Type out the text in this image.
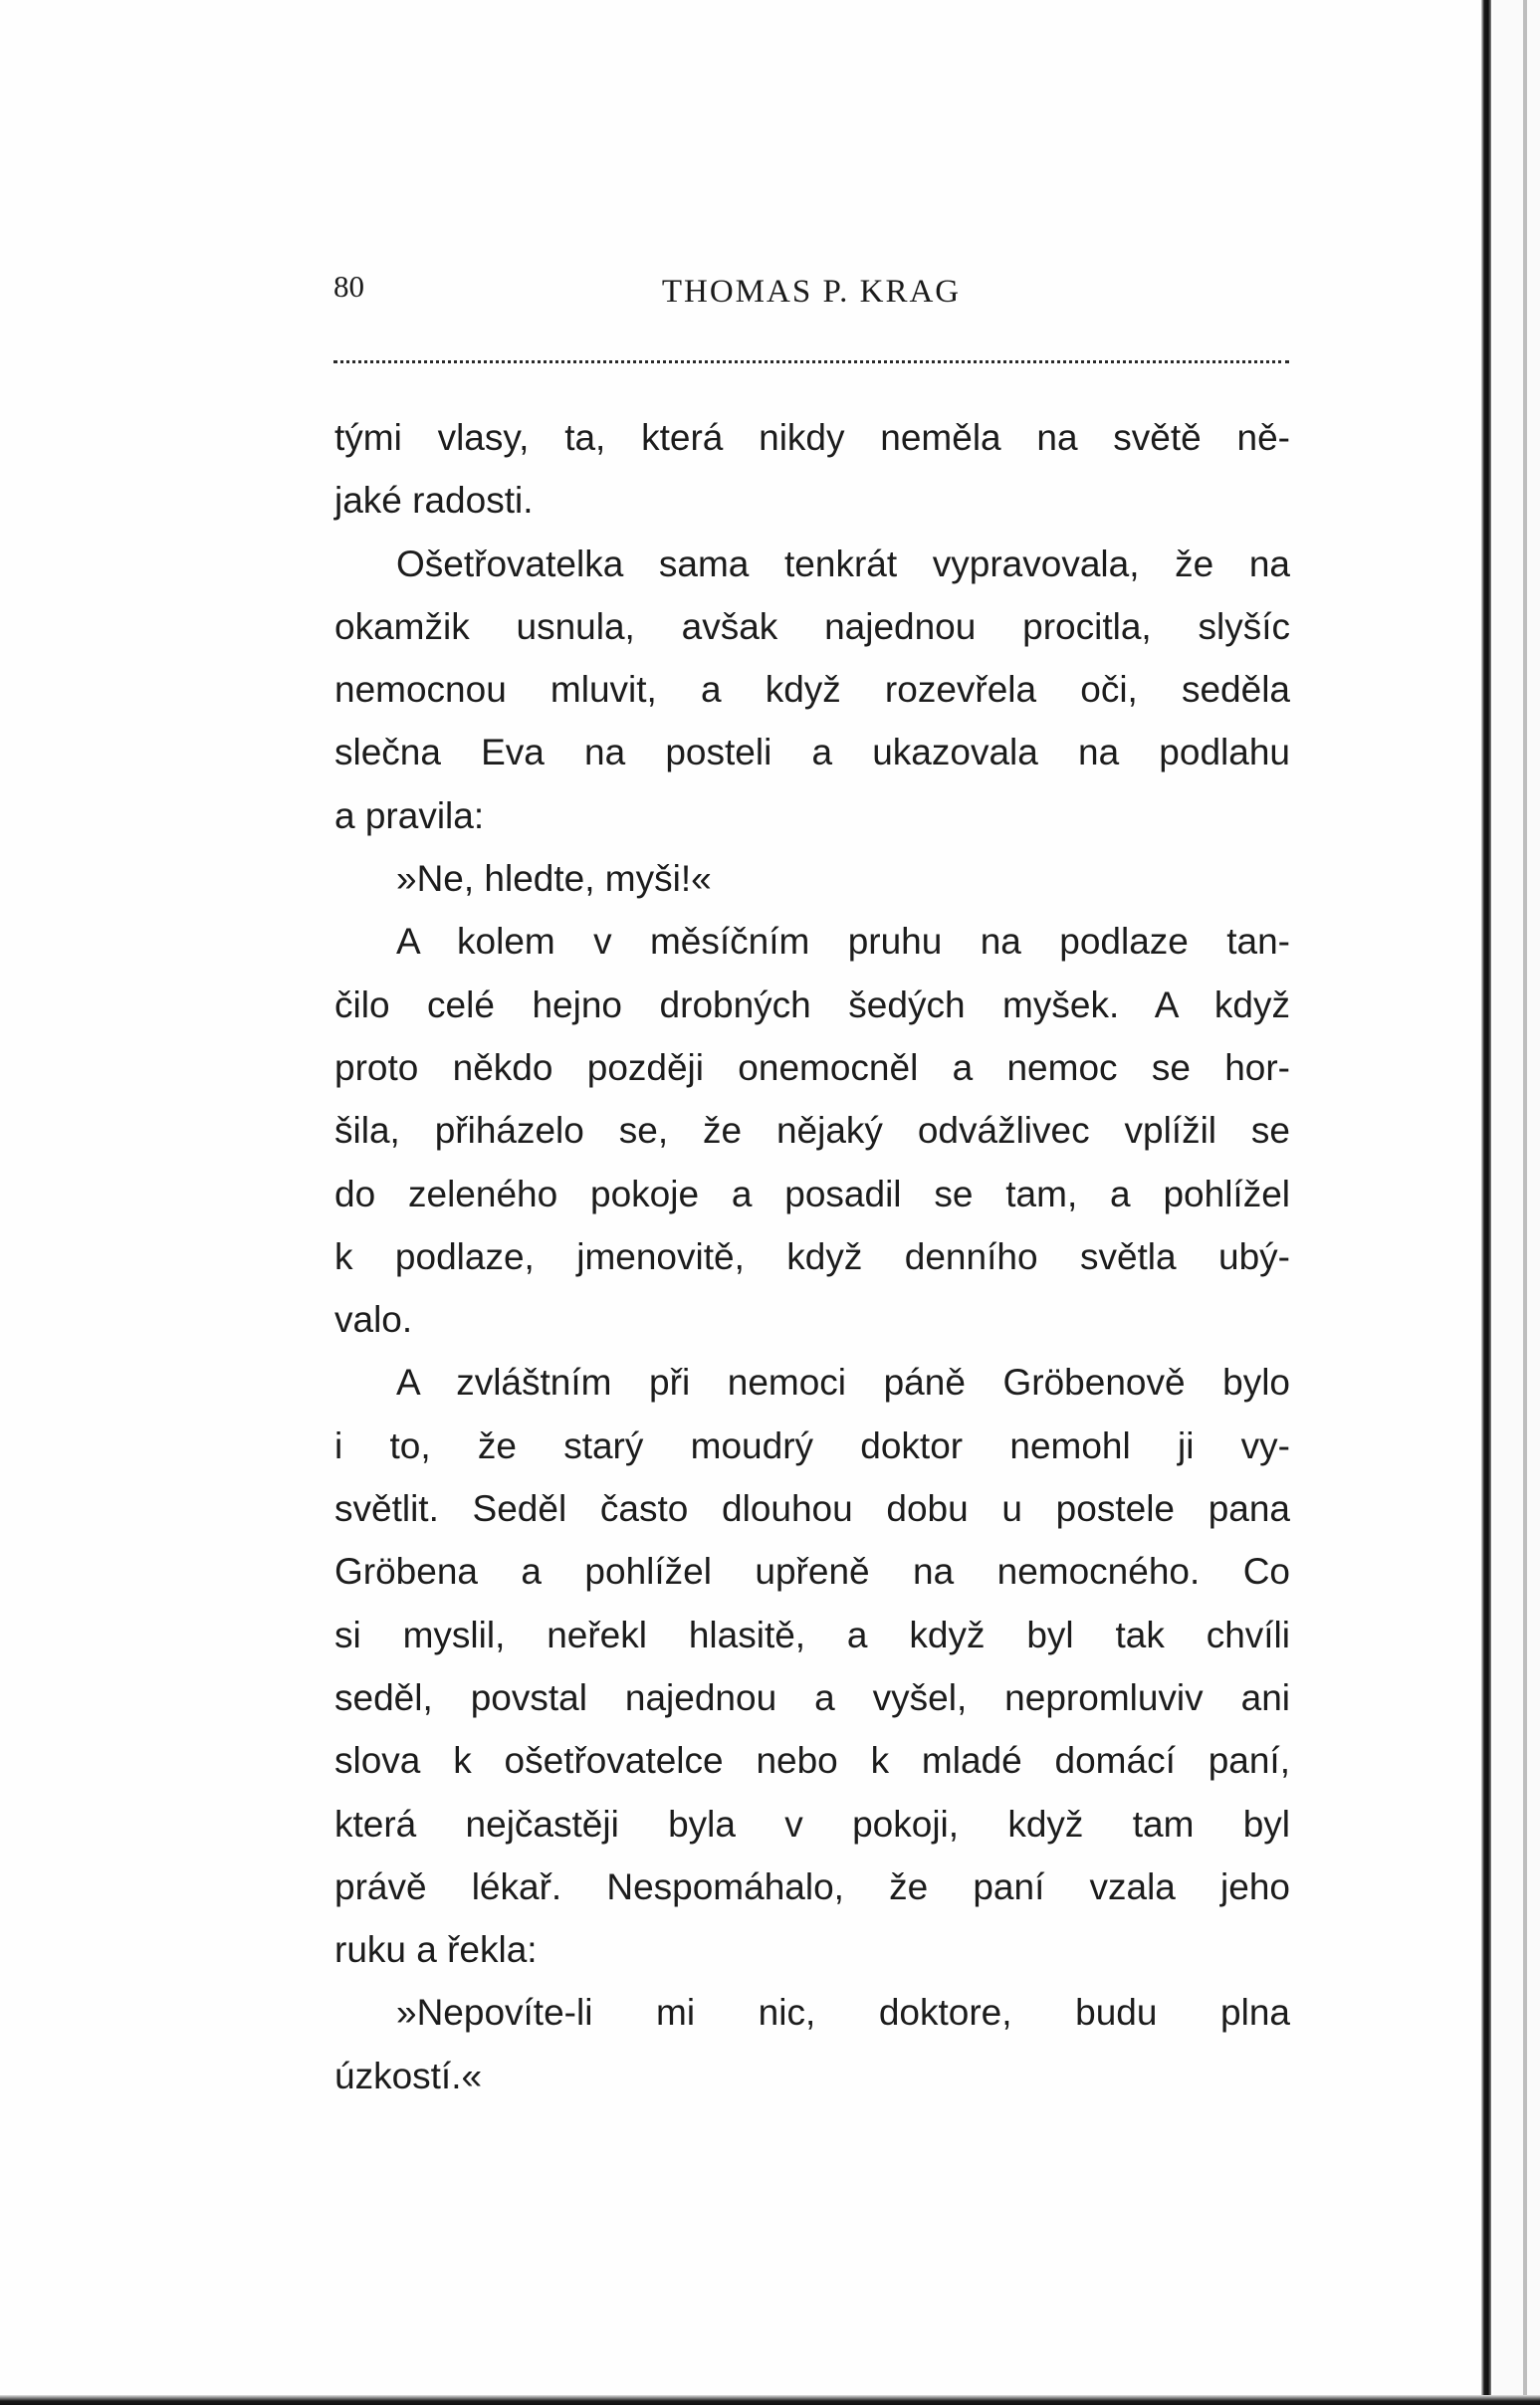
80	THOMAS P. KRAG
tými vlasy, ta, která nikdy neměla na světě ně-
jaké radosti.
Ošetřovatelka sama tenkrát vypravovala, že na
okamžik usnula, avšak najednou procitla, slyšíc
nemocnou mluvit, a když rozevřela oči, seděla
slečna Eva na posteli a ukazovala na podlahu
a pravila:
»Ne, hledte, myši!«
A kolem v měsíčním pruhu na podlaze tan-
čilo celé hejno drobných šedých myšek. A když
proto někdo později onemocněl a nemoc se hor-
šila, přiházelo se, že nějaký odvážlivec vplížil se
do zeleného pokoje a posadil se tam, a pohlížel
k podlaze, jmenovitě, když denního světla ubý-
valo.
A zvláštním při nemoci páně Gröbenově bylo
i to, že starý moudrý doktor nemohl ji vy-
světlit. Seděl často dlouhou dobu u postele pana
Gröbena a pohlížel upřeně na nemocného. Co
si myslil, neřekl hlasitě, a když byl tak chvíli
seděl, povstal najednou a vyšel, nepromluviv ani
slova k ošetřovatelce nebo k mladé domácí paní,
která nejčastěji byla v pokoji, když tam byl
právě lékař. Nespomáhalo, že paní vzala jeho
ruku a řekla:
»Nepovíte-li mi nic, doktore, budu plna
úzkostí.«
